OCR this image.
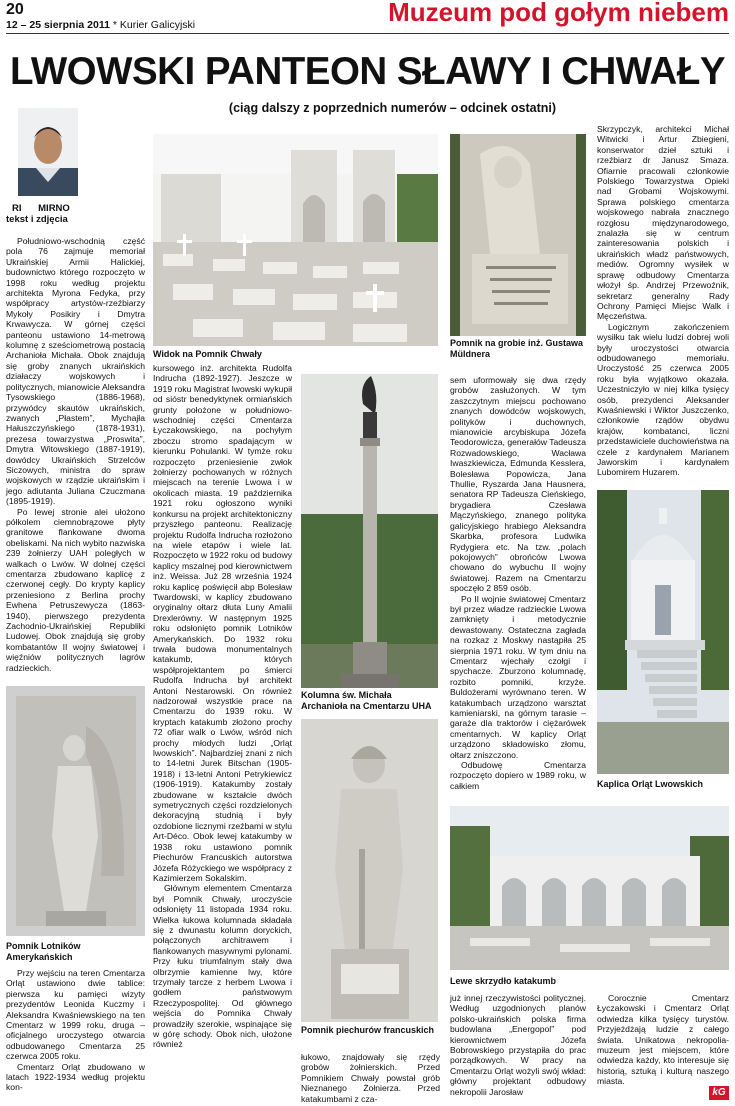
20
12 – 25 sierpnia 2011 * Kurier Galicyjski	Muzeum pod gołym niebem
LWOWSKI PANTEON SŁAWY I CHWAŁY
(ciąg dalszy z poprzednich numerów – odcinek ostatni)
RI MIRNO
tekst i zdjęcia

Południowo-wschodnią część pola 76 zajmuje memoriał Ukraińskiej Armii Halickiej, budownictwo którego rozpoczęto w 1998 roku według projektu architekta Myrona Fedyka, przy współpracy artystów-rzeźbiarzy Mykoły Posikiry i Dmytra Krwawycza. W górnej części panteonu ustawiono 14-metrową kolumnę z sześciometrową postacią Archanioła Michała. Obok znajdują się groby znanych ukraińskich działaczy wojskowych i politycznych, mianowicie Aleksandra Tysowskiego (1886-1968), przywódcy skautów ukraińskich, zwanych „Płastem”, Mychajła Hałuszczyńskiego (1878-1931), prezesa towarzystwa „Proswita”, Dmytra Witowskiego (1887-1919), dowódcy Ukraińskich Strzelców Siczowych, ministra do spraw wojskowych w rządzie ukraińskim i jego adiutanta Juliana Czuczmana (1895-1919).

Po lewej stronie alei ułożono półkolem ciemnobrązowe płyty granitowe flankowane dwoma obeliskami. Na nich wybito nazwiska 239 żołnierzy UAH poległych w walkach o Lwów. W dolnej części cmentarza zbudowano kaplicę z czerwonej cegły. Do krypty kaplicy przeniesiono z Berlina prochy Ewhena Petruszewycza (1863-1940), pierwszego prezydenta Zachodnio-Ukraińskiej Republiki Ludowej. Obok znajdują się groby kombatantów II wojny światowej i więźniów politycznych lagrów radzieckich.

Pomnik Lotników Amerykańskich

Przy wejściu na teren Cmentarza Orląt ustawiono dwie tablice: pierwsza ku pamięci wizyty prezydentów Leonida Kuczmy i Aleksandra Kwaśniewskiego na ten Cmentarz w 1999 roku, druga – oficjalnego uroczystego otwarcia odbudowanego Cmentarza 25 czerwca 2005 roku.

Cmentarz Orląt zbudowano w latach 1922-1934 według projektu kon-

Widok na Pomnik Chwały

kursowego inż. architekta Rudolfa Indrucha (1892-1927). Jeszcze w 1919 roku Magistrat lwowski wykupił od sióstr benedyktynek ormiańskich grunty położone w południowo-wschodniej części Cmentarza Łyczakowskiego, na pochyłym zboczu stromo spadającym w kierunku Pohulanki. W tymże roku rozpoczęto przeniesienie zwłok żołnierzy pochowanych w różnych miejscach na terenie Lwowa i w okolicach miasta. 19 października 1921 roku ogłoszono wyniki konkursu na projekt architektoniczny przyszłego panteonu. Realizację projektu Rudolfa Indrucha rozłożono na wiele etapów i wiele lat. Rozpoczęto w 1922 roku od budowy kaplicy mszalnej pod kierownictwem inż. Weissa. Już 28 września 1924 roku kaplicę poświęcił abp Bolesław Twardowski, w kaplicy zbudowano oryginalny ołtarz dłuta Luny Amalii Drexlerówny. W następnym 1925 roku odsłonięto pomnik Lotników Amerykańskich. Do 1932 roku trwała budowa monumentalnych katakumb, których współprojektantem po śmierci Rudolfa Indrucha był architekt Antoni Nestarowski. On również nadzorował wszystkie prace na Cmentarzu do 1939 roku. W kryptach katakumb złożono prochy 72 ofiar walk o Lwów, wśród nich prochy młodych ludzi „Orląt lwowskich”. Najbardziej znani z nich to 14-letni Jurek Bitschan (1905-1918) i 13-letni Antoni Petrykiewicz (1906-1919). Katakumby zostały zbudowane w kształcie dwóch symetrycznych części rozdzielonych dekoracyjną studnią i były ozdobione licznymi rzeźbami w stylu Art-Déco. Obok lewej katakumby w 1938 roku ustawiono pomnik Piechurów Francuskich autorstwa Józefa Różyckiego we współpracy z Kazimierzem Sokalskim.

Głównym elementem Cmentarza był Pomnik Chwały, uroczyście odsłonięty 11 listopada 1934 roku. Wielka łukowa kolumnada składała się z dwunastu kolumn doryckich, połączonych architrawem i flankowanych masywnymi pylonami. Przy łuku triumfalnym stały dwa olbrzymie kamienne lwy, które trzymały tarcze z herbem Lwowa i godłem państwowym Rzeczypospolitej. Od głównego wejścia do Pomnika Chwały prowadziły szerokie, wspinające się w górę schody. Obok nich, ułożone również

Kolumna św. Michała Archanioła na Cmentarzu UHA
Pomnik piechurów francuskich

łukowo, znajdowały się rzędy grobów żołnierskich. Przed Pomnikiem Chwały powstał grób Nieznanego Żołnierza. Przed katakumbami z cza-

Pomnik na grobie inż. Gustawa Müldnera

sem uformowały się dwa rzędy grobów zasłużonych. W tym zaszczytnym miejscu pochowano znanych dowódców wojskowych, polityków i duchownych, mianowicie arcybiskupa Józefa Teodorowicza, generałów Tadeusza Rozwadowskiego, Wacława Iwaszkiewicza, Edmunda Kesslera, Bolesława Popowicza, Jana Thullie, Ryszarda Jana Hausnera, senatora RP Tadeusza Cieńskiego, brygadiera Czesława Mączyńskiego, znanego polityka galicyjskiego hrabiego Aleksandra Skarbka, profesora Ludwika Rydygiera etc. Na tzw. „polach pokojowych” obrońców Lwowa chowano do wybuchu II wojny światowej. Razem na Cmentarzu spoczęło 2 859 osób.

Po II wojnie światowej Cmentarz był przez władze radzieckie Lwowa zamknięty i metodycznie dewastowany. Ostateczna zagłada na rozkaz z Moskwy nastąpiła 25 sierpnia 1971 roku. W tym dniu na Cmentarz wjechały czołgi i spychacze. Zburzono kolumnadę, rozbito pomniki, krzyże. Buldożerami wyrównano teren. W katakumbach urządzono warsztat kamieniarski, na górnym tarasie – garaże dla traktorów i ciężarówek cmentarnych. W kaplicy Orląt urządzono składowisko złomu, ołtarz zniszczono.

Odbudowę Cmentarza rozpoczęto dopiero w 1989 roku, w całkiem

Skrzypczyk, architekci Michał Witwicki i Artur Zbiegieni, konserwator dzieł sztuki i rzeźbiarz dr Janusz Smaza. Ofiarnie pracowali członkowie Polskiego Towarzystwa Opieki nad Grobami Wojskowymi. Sprawa polskiego cmentarza wojskowego nabrała znacznego rozgłosu międzynarodowego, znalazła się w centrum zainteresowania polskich i ukraińskich władz państwowych, mediów. Ogromny wysiłek w sprawę odbudowy Cmentarza włożył śp. Andrzej Przewoźnik, sekretarz generalny Rady Ochrony Pamięci Miejsc Walk i Męczeństwa.

Logicznym zakończeniem wysiłku tak wielu ludzi dobrej woli były uroczystości otwarcia odbudowanego memoriału. Uroczystość 25 czerwca 2005 roku była wyjątkowo okazała. Uczestniczyło w niej kilka tysięcy osób, prezydenci Aleksander Kwaśniewski i Wiktor Juszczenko, członkowie rządów obydwu krajów, kombatanci, liczni przedstawiciele duchowieństwa na czele z kardynałem Marianem Jaworskim i kardynałem Lubomirem Huzarem.

Kaplica Orląt Lwowskich
Lewe skrzydło katakumb

już innej rzeczywistości politycznej. Według uzgodnionych planów polsko-ukraińskich polska firma budowlana „Energopol” pod kierownictwem Józefa Bobrowskiego przystąpiła do prac porządkowych. W pracy na Cmentarzu Orląt wożyli swój wkład: główny projektant odbudowy nekropolii Jarosław

Corocznie Cmentarz Łyczakowski i Cmentarz Orląt odwiedza kilka tysięcy turystów. Przyjeżdżają ludzie z całego świata. Unikatowa nekropolia-muzeum jest miejscem, które odwiedza każdy, kto interesuje się historią, sztuką i kulturą naszego miasta.

kG
